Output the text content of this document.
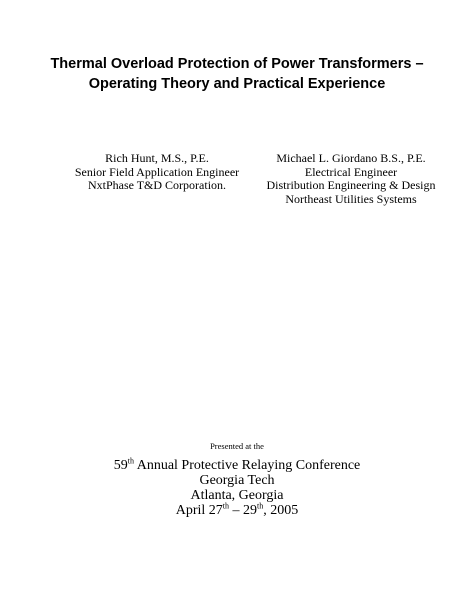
Thermal Overload Protection of Power Transformers –
Operating Theory and Practical Experience
Rich Hunt, M.S., P.E.
Senior Field Application Engineer
NxtPhase T&D Corporation.
Michael L. Giordano B.S., P.E.
Electrical Engineer
Distribution Engineering & Design
Northeast Utilities Systems
Presented at the
59th Annual Protective Relaying Conference
Georgia Tech
Atlanta, Georgia
April 27th – 29th, 2005
